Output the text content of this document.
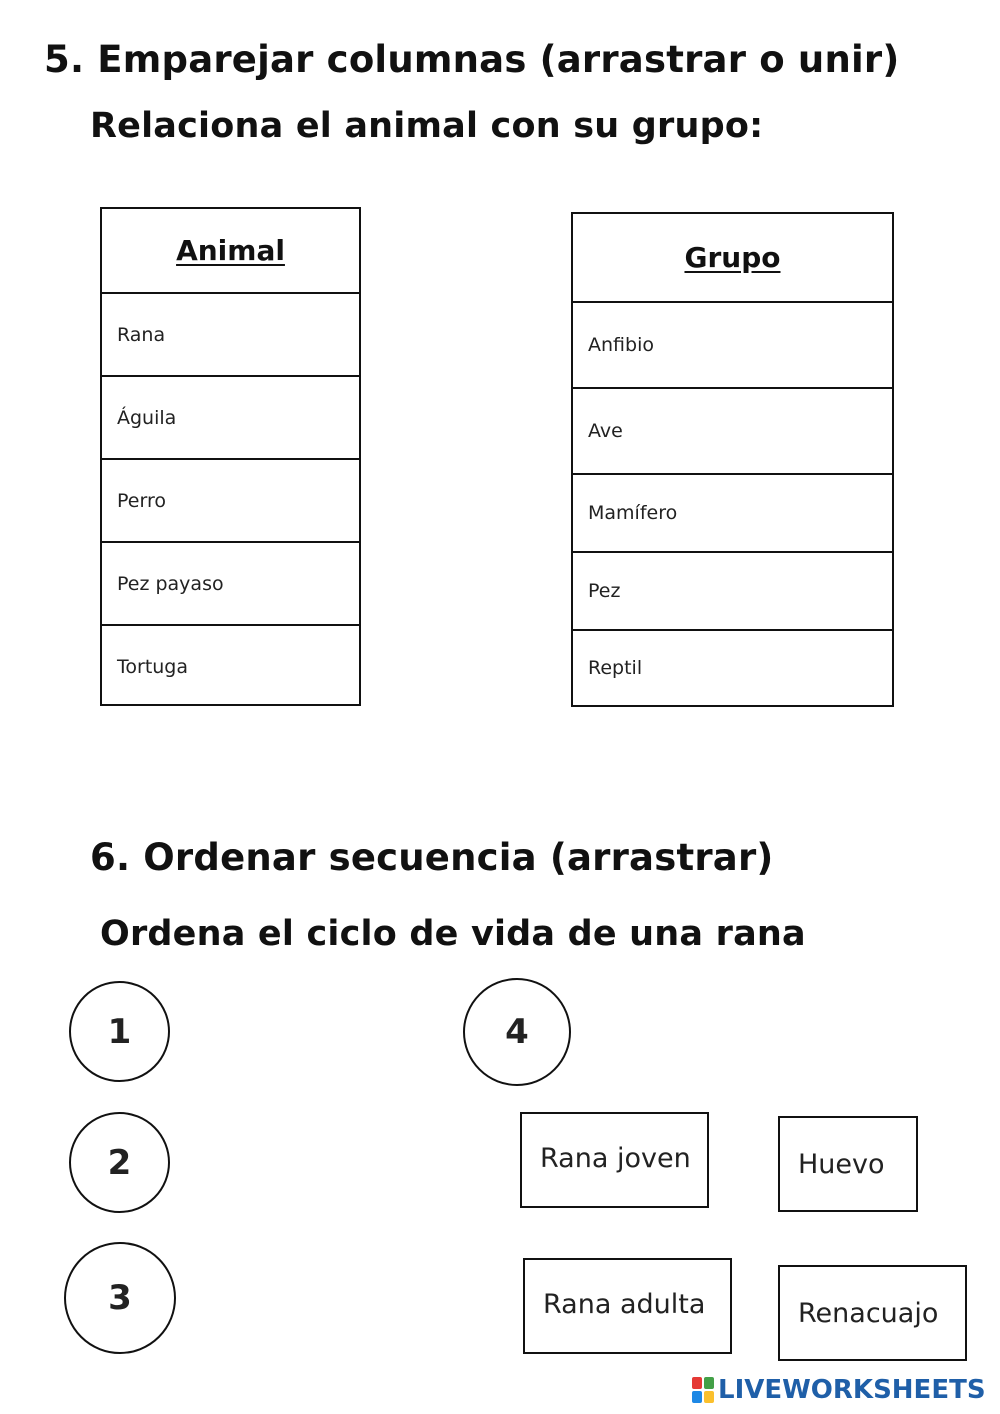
5. Emparejar columnas (arrastrar o unir)
Relaciona el animal con su grupo:
Animal
Rana
Águila
Perro
Pez payaso
Tortuga
Grupo
Anfibio
Ave
Mamífero
Pez
Reptil
6. Ordenar secuencia (arrastrar)
Ordena el ciclo de vida de una rana
1
2
3
4
Rana joven	Huevo
Rana adulta	Renacuajo
LIVEWORKSHEETS
